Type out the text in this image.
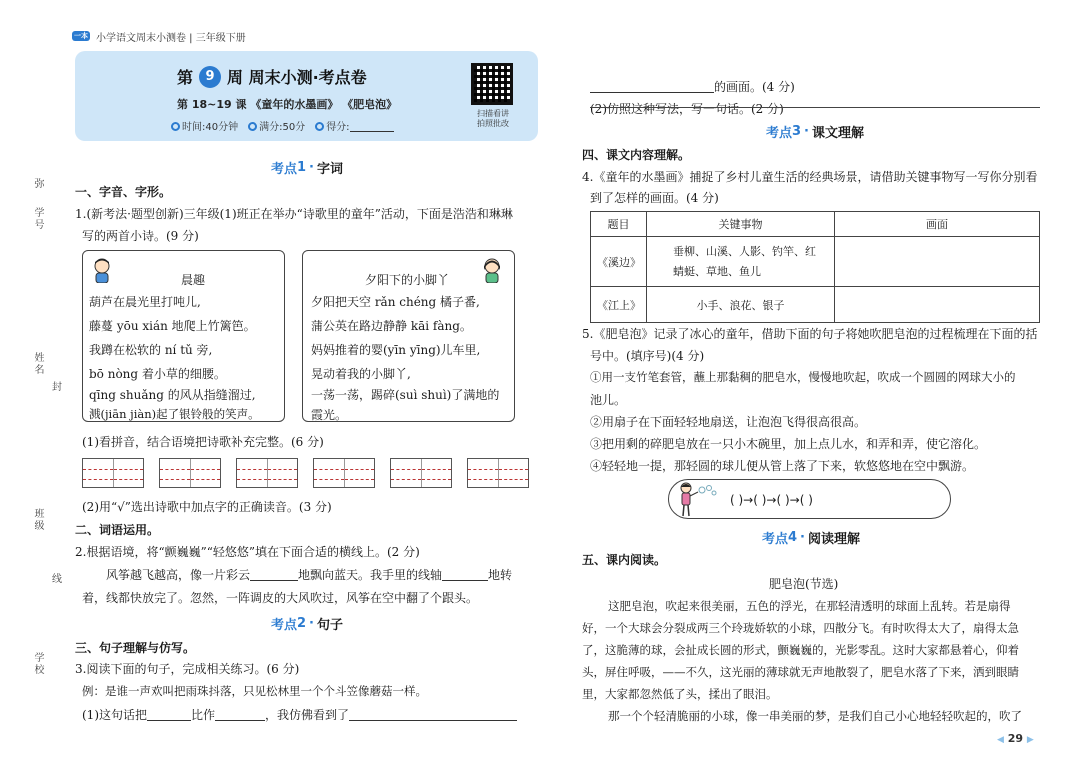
一本 小学语文周末小测卷 | 三年级下册
弥
学号
姓名
封
班级
线
学校
第 9 周 周末小测·考点卷
第 18~19 课 《童年的水墨画》 《肥皂泡》
时间:40分钟	满分:50分	得分:
扫描看讲
拍照批改
考点 1 · 字词
一、字音、字形。
1.(新考法·题型创新)三年级(1)班正在举办“诗歌里的童年”活动，下面是浩浩和琳琳
写的两首小诗。(9 分)
晨趣
葫芦在晨光里打吨儿,
藤蔓 yōu xián 地爬上竹篱笆。
我蹲在松软的 ní tǔ 旁,
bō nòng 着小草的细腰。
qīng shuǎng 的风从指缝溜过,
溅(jiān jiàn)起了银铃般的笑声。
夕阳下的小脚丫
夕阳把天空 rǎn chéng 橘子番,
蒲公英在路边静静 kāi fàng。
妈妈推着的婴(yīn yīng)儿车里,
晃动着我的小脚丫,
一荡一荡，踢碎(suì shuì)了满地的
霞光。
(1)看拼音，结合语境把诗歌补充完整。(6 分)
(2)用“√”选出诗歌中加点字的正确读音。(3 分)
二、词语运用。
2.根据语境，将“颤巍巍”“轻悠悠”填在下面合适的横线上。(2 分)
风筝越飞越高，像一片彩云	地飘向蓝天。我手里的线轴	地转
着，线都快放完了。忽然，一阵调皮的大风吹过，风筝在空中翻了个跟头。
考点 2 · 句子
三、句子理解与仿写。
3.阅读下面的句子，完成相关练习。(6 分)
例：是谁一声欢叫把雨珠抖落，只见松林里一个个斗笠像蘑菇一样。
(1)这句话把	比作	，我仿佛看到了
的画面。(4 分)
(2)仿照这种写法，写一句话。(2 分)
考点 3 · 课文理解
四、课文内容理解。
4.《童年的水墨画》捕捉了乡村儿童生活的经典场景，请借助关键事物写一写你分别看
到了怎样的画面。(4 分)
题目	关键事物	画面
《溪边》	垂柳、山溪、人影、钓竿、红蜻蜓、草地、鱼儿	
《江上》	小手、浪花、银子	
5.《肥皂泡》记录了冰心的童年，借助下面的句子将她吹肥皂泡的过程梳理在下面的括
号中。(填序号)(4 分)
①用一支竹笔套管，蘸上那黏稠的肥皂水，慢慢地吹起，吹成一个圆圆的网球大小的
池儿。
②用扇子在下面轻轻地扇送，让泡泡飞得很高很高。
③把用剩的碎肥皂放在一只小木碗里，加上点儿水，和弄和弄，使它溶化。
④轻轻地一提，那轻圆的球儿便从管上落了下来，软悠悠地在空中飘游。
( )→( )→( )→( )
考点 4 · 阅读理解
五、课内阅读。
肥皂泡(节选)
这肥皂泡，吹起来很美丽，五色的浮光，在那轻清透明的球面上乱转。若是扇得
好，一个大球会分裂成两三个玲珑娇软的小球，四散分飞。有时吹得太大了，扇得太急
了，这脆薄的球，会扯成长圆的形式，颤巍巍的，光影零乱。这时大家都悬着心，仰着
头，屏住呼吸，——不久，这光丽的薄球就无声地散裂了，肥皂水落了下来，洒到眼睛
里，大家都忽然低了头，揉出了眼泪。
那一个个轻清脆丽的小球，像一串美丽的梦，是我们自己小心地轻轻吹起的，吹了
◀ 29 ▶
